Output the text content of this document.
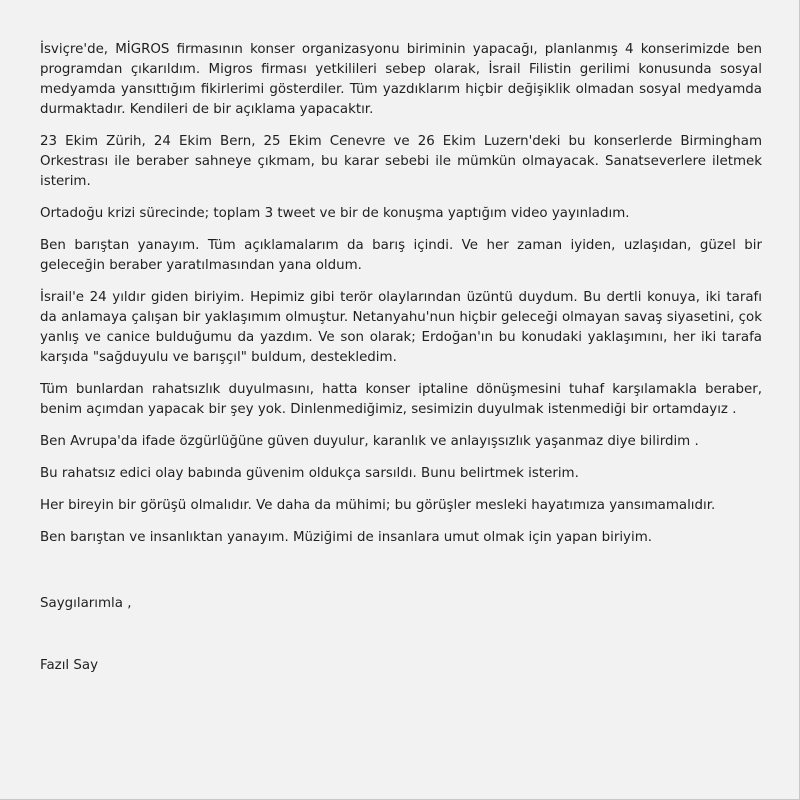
İsviçre'de, MİGROS firmasının konser organizasyonu biriminin yapacağı, planlanmış 4 konserimizde ben programdan çıkarıldım. Migros firması yetkilileri sebep olarak, İsrail Filistin gerilimi konusunda sosyal medyamda yansıttığım fikirlerimi gösterdiler. Tüm yazdıklarım hiçbir değişiklik olmadan sosyal medyamda durmaktadır. Kendileri de bir açıklama yapacaktır.

23 Ekim Zürih, 24 Ekim Bern, 25 Ekim Cenevre ve 26 Ekim Luzern'deki bu konserlerde Birmingham Orkestrası ile beraber sahneye çıkmam, bu karar sebebi ile mümkün olmayacak. Sanatseverlere iletmek isterim.

Ortadoğu krizi sürecinde; toplam 3 tweet ve bir de konuşma yaptığım video yayınladım.

Ben barıştan yanayım. Tüm açıklamalarım da barış içindi. Ve her zaman iyiden, uzlaşıdan, güzel bir geleceğin beraber yaratılmasından yana oldum.

İsrail'e 24 yıldır giden biriyim. Hepimiz gibi terör olaylarından üzüntü duydum. Bu dertli konuya, iki tarafı da anlamaya çalışan bir yaklaşımım olmuştur. Netanyahu'nun hiçbir geleceği olmayan savaş siyasetini, çok yanlış ve canice bulduğumu da yazdım. Ve son olarak; Erdoğan'ın bu konudaki yaklaşımını, her iki tarafa karşıda "sağduyulu ve barışçıl" buldum, destekledim.

Tüm bunlardan rahatsızlık duyulmasını, hatta konser iptaline dönüşmesini tuhaf karşılamakla beraber, benim açımdan yapacak bir şey yok. Dinlenmediğimiz, sesimizin duyulmak istenmediği bir ortamdayız .

Ben Avrupa'da ifade özgürlüğüne güven duyulur, karanlık ve anlayışsızlık yaşanmaz diye bilirdim .

Bu rahatsız edici olay babında güvenim oldukça sarsıldı. Bunu belirtmek isterim.

Her bireyin bir görüşü olmalıdır. Ve daha da mühimi; bu görüşler mesleki hayatımıza yansımamalıdır.

Ben barıştan ve insanlıktan yanayım. Müziğimi de insanlara umut olmak için yapan biriyim.

Saygılarımla ,

Fazıl Say
